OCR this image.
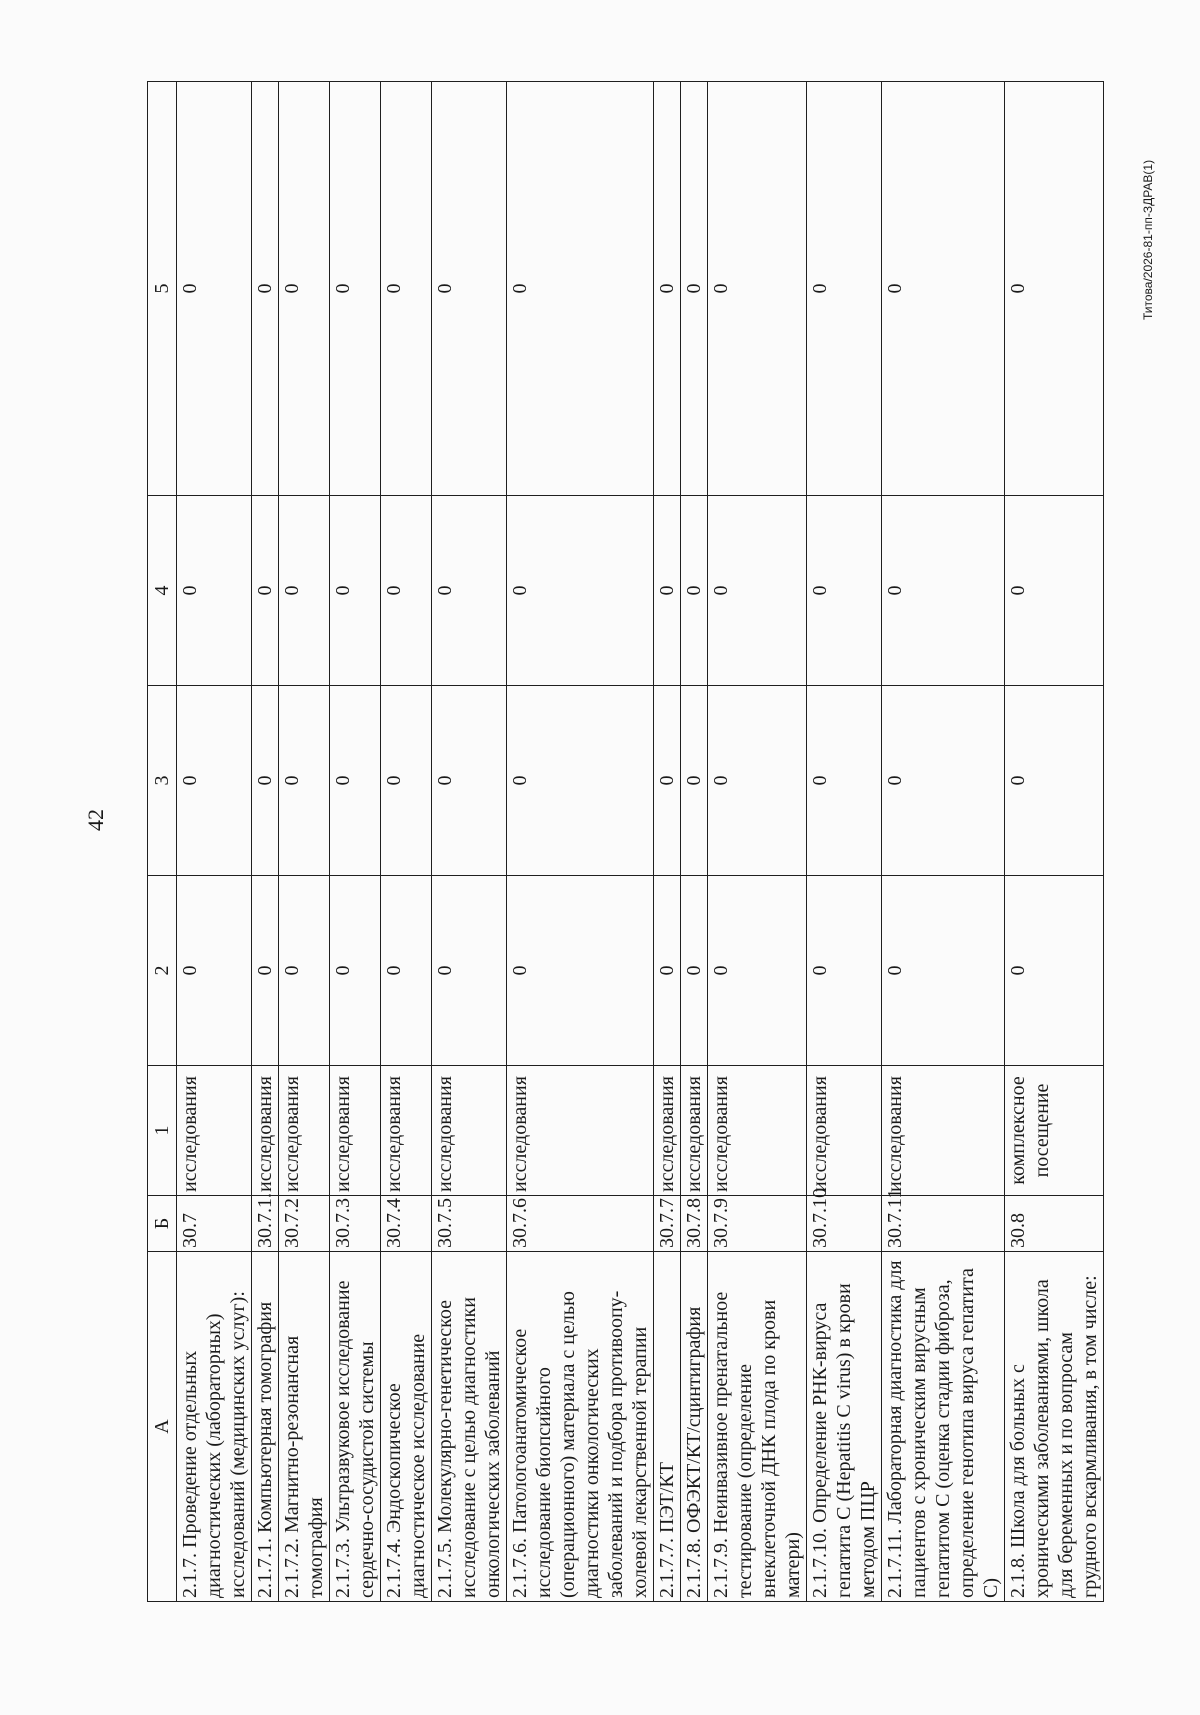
42
Титова/2026-81-пп-ЗДРАВ(1)
А	Б	1	2	3	4	5
2.1.7. Проведение отдельных диагностических (лабораторных) исследований (медицинских услуг):	30.7	исследования	0	0	0	0
2.1.7.1. Компьютерная томография	30.7.1.	исследования	0	0	0	0
2.1.7.2. Магнитно-резонансная томография	30.7.2	исследования	0	0	0	0
2.1.7.3. Ультразвуковое исследование сердечно-сосудистой системы	30.7.3	исследования	0	0	0	0
2.1.7.4. Эндоскопическое диагностическое исследование	30.7.4	исследования	0	0	0	0
2.1.7.5. Молекулярно-генетическое исследование с целью диагностики онкологических заболеваний	30.7.5	исследования	0	0	0	0
2.1.7.6. Патологоанатомическое исследование биопсийного (операционного) материала с целью диагностики онкологических заболеваний и подбора противоопу-холевой лекарственной терапии	30.7.6	исследования	0	0	0	0
2.1.7.7. ПЭТ/КТ	30.7.7	исследования	0	0	0	0
2.1.7.8. ОФЭКТ/КТ/сцинтиграфия	30.7.8	исследования	0	0	0	0
2.1.7.9. Неинвазивное пренатальное тестирование (определение внеклеточной ДНК плода по крови матери)	30.7.9	исследования	0	0	0	0
2.1.7.10. Определение РНК-вируса гепатита С (Hepatitis C virus) в крови методом ПЦР	30.7.10	исследования	0	0	0	0
2.1.7.11. Лабораторная диагностика для пациентов с хроническим вирусным гепатитом С (оценка стадии фиброза, определение генотипа вируса гепатита С)	30.7.11	исследования	0	0	0	0
2.1.8. Школа для больных с хроническими заболеваниями, школа для беременных и по вопросам грудного вскармливания, в том числе:	30.8	комплексное посещение	0	0	0	0
